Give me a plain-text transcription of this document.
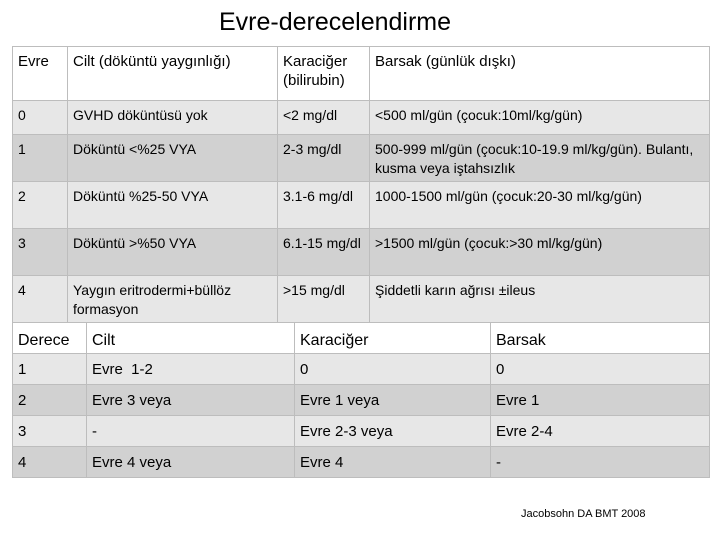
Evre-derecelendirme
Evre	Cilt (döküntü yaygınlığı)	Karaciğer (bilirubin)	Barsak (günlük dışkı)
0	GVHD döküntüsü yok	<2 mg/dl	<500 ml/gün (çocuk:10ml/kg/gün)
1	Döküntü <%25 VYA	2-3 mg/dl	500-999 ml/gün (çocuk:10-19.9 ml/kg/gün). Bulantı, kusma veya iştahsızlık
2	Döküntü %25-50 VYA	3.1-6 mg/dl	1000-1500 ml/gün (çocuk:20-30 ml/kg/gün)
3	Döküntü >%50 VYA	6.1-15 mg/dl	>1500 ml/gün (çocuk:>30 ml/kg/gün)
4	Yaygın eritrodermi+büllöz formasyon	>15 mg/dl	Şiddetli karın ağrısı ±ileus
Derece	Cilt	Karaciğer	Barsak
1	Evre  1-2	0	0
2	Evre 3 veya	Evre 1 veya	Evre 1
3	-	Evre 2-3 veya	Evre 2-4
4	Evre 4 veya	Evre 4	-
Jacobsohn DA BMT 2008
